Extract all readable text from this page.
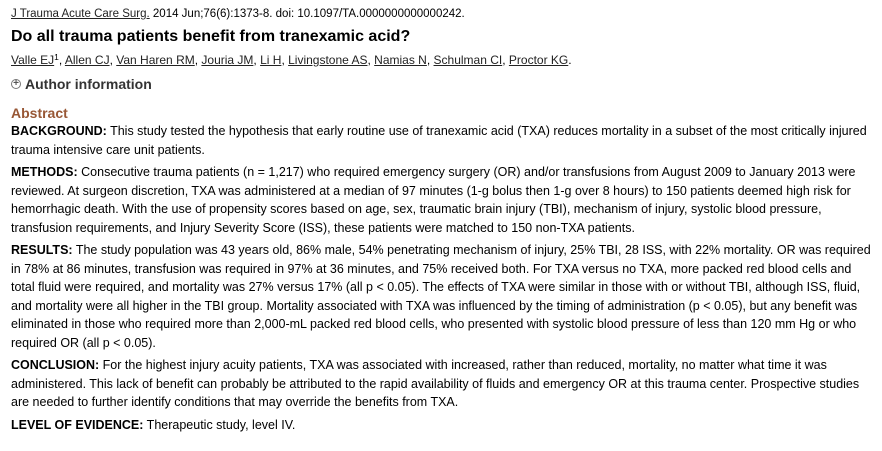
J Trauma Acute Care Surg. 2014 Jun;76(6):1373-8. doi: 10.1097/TA.0000000000000242.
Do all trauma patients benefit from tranexamic acid?
Valle $EJ^1$, Allen CJ, Van Haren RM, Jouria JM, Li H, Livingstone AS, Namias N, Schulman CI, Proctor KG.
+ Author information
Abstract

BACKGROUND: This study tested the hypothesis that early routine use of tranexamic acid (TXA) reduces mortality in a subset of the most critically injured trauma intensive care unit patients.

METHODS: Consecutive trauma patients (n = 1,217) who required emergency surgery (OR) and/or transfusions from August 2009 to January 2013 were reviewed. At surgeon discretion, TXA was administered at a median of 97 minutes (1-g bolus then 1-g over 8 hours) to 150 patients deemed high risk for hemorrhagic death. With the use of propensity scores based on age, sex, traumatic brain injury (TBI), mechanism of injury, systolic blood pressure, transfusion requirements, and Injury Severity Score (ISS), these patients were matched to 150 non-TXA patients.

RESULTS: The study population was 43 years old, 86% male, 54% penetrating mechanism of injury, 25% TBI, 28 ISS, with 22% mortality. OR was required in 78% at 86 minutes, transfusion was required in 97% at 36 minutes, and 75% received both. For TXA versus no TXA, more packed red blood cells and total fluid were required, and mortality was 27% versus 17% (all p < 0.05). The effects of TXA were similar in those with or without TBI, although ISS, fluid, and mortality were all higher in the TBI group. Mortality associated with TXA was influenced by the timing of administration (p < 0.05), but any benefit was eliminated in those who required more than 2,000-mL packed red blood cells, who presented with systolic blood pressure of less than 120 mm Hg or who required OR (all p < 0.05).

CONCLUSION: For the highest injury acuity patients, TXA was associated with increased, rather than reduced, mortality, no matter what time it was administered. This lack of benefit can probably be attributed to the rapid availability of fluids and emergency OR at this trauma center. Prospective studies are needed to further identify conditions that may override the benefits from TXA.

LEVEL OF EVIDENCE: Therapeutic study, level IV.
